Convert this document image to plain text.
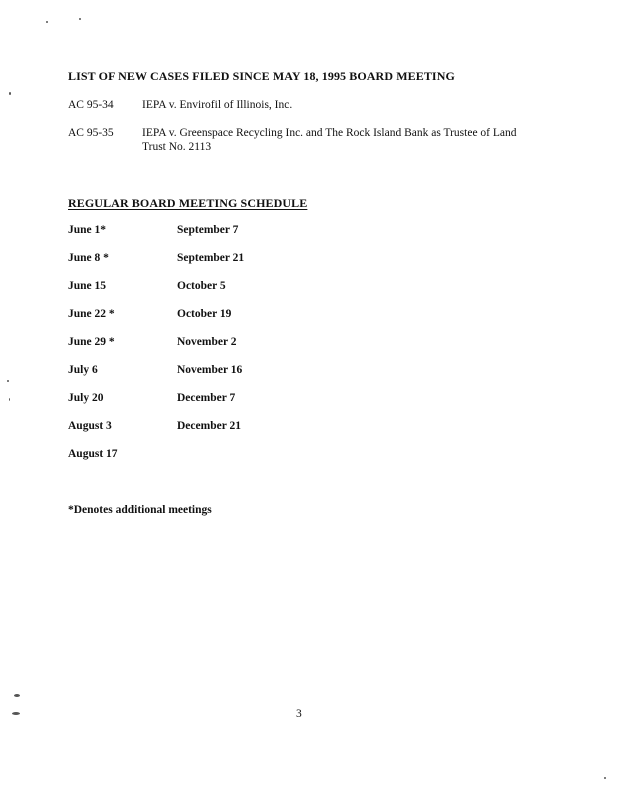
LIST OF NEW CASES FILED SINCE MAY 18, 1995 BOARD MEETING
AC 95-34 IEPA v. Envirofil of Illinois, Inc.
AC 95-35 IEPA v. Greenspace Recycling Inc. and The Rock Island Bank as Trustee of Land Trust No. 2113
REGULAR BOARD MEETING SCHEDULE
June 1*
June 8 *
June 15
June 22 *
June 29 *
July 6
July 20
August 3
August 17
September 7
September 21
October 5
October 19
November 2
November 16
December 7
December 21
*Denotes additional meetings
3
